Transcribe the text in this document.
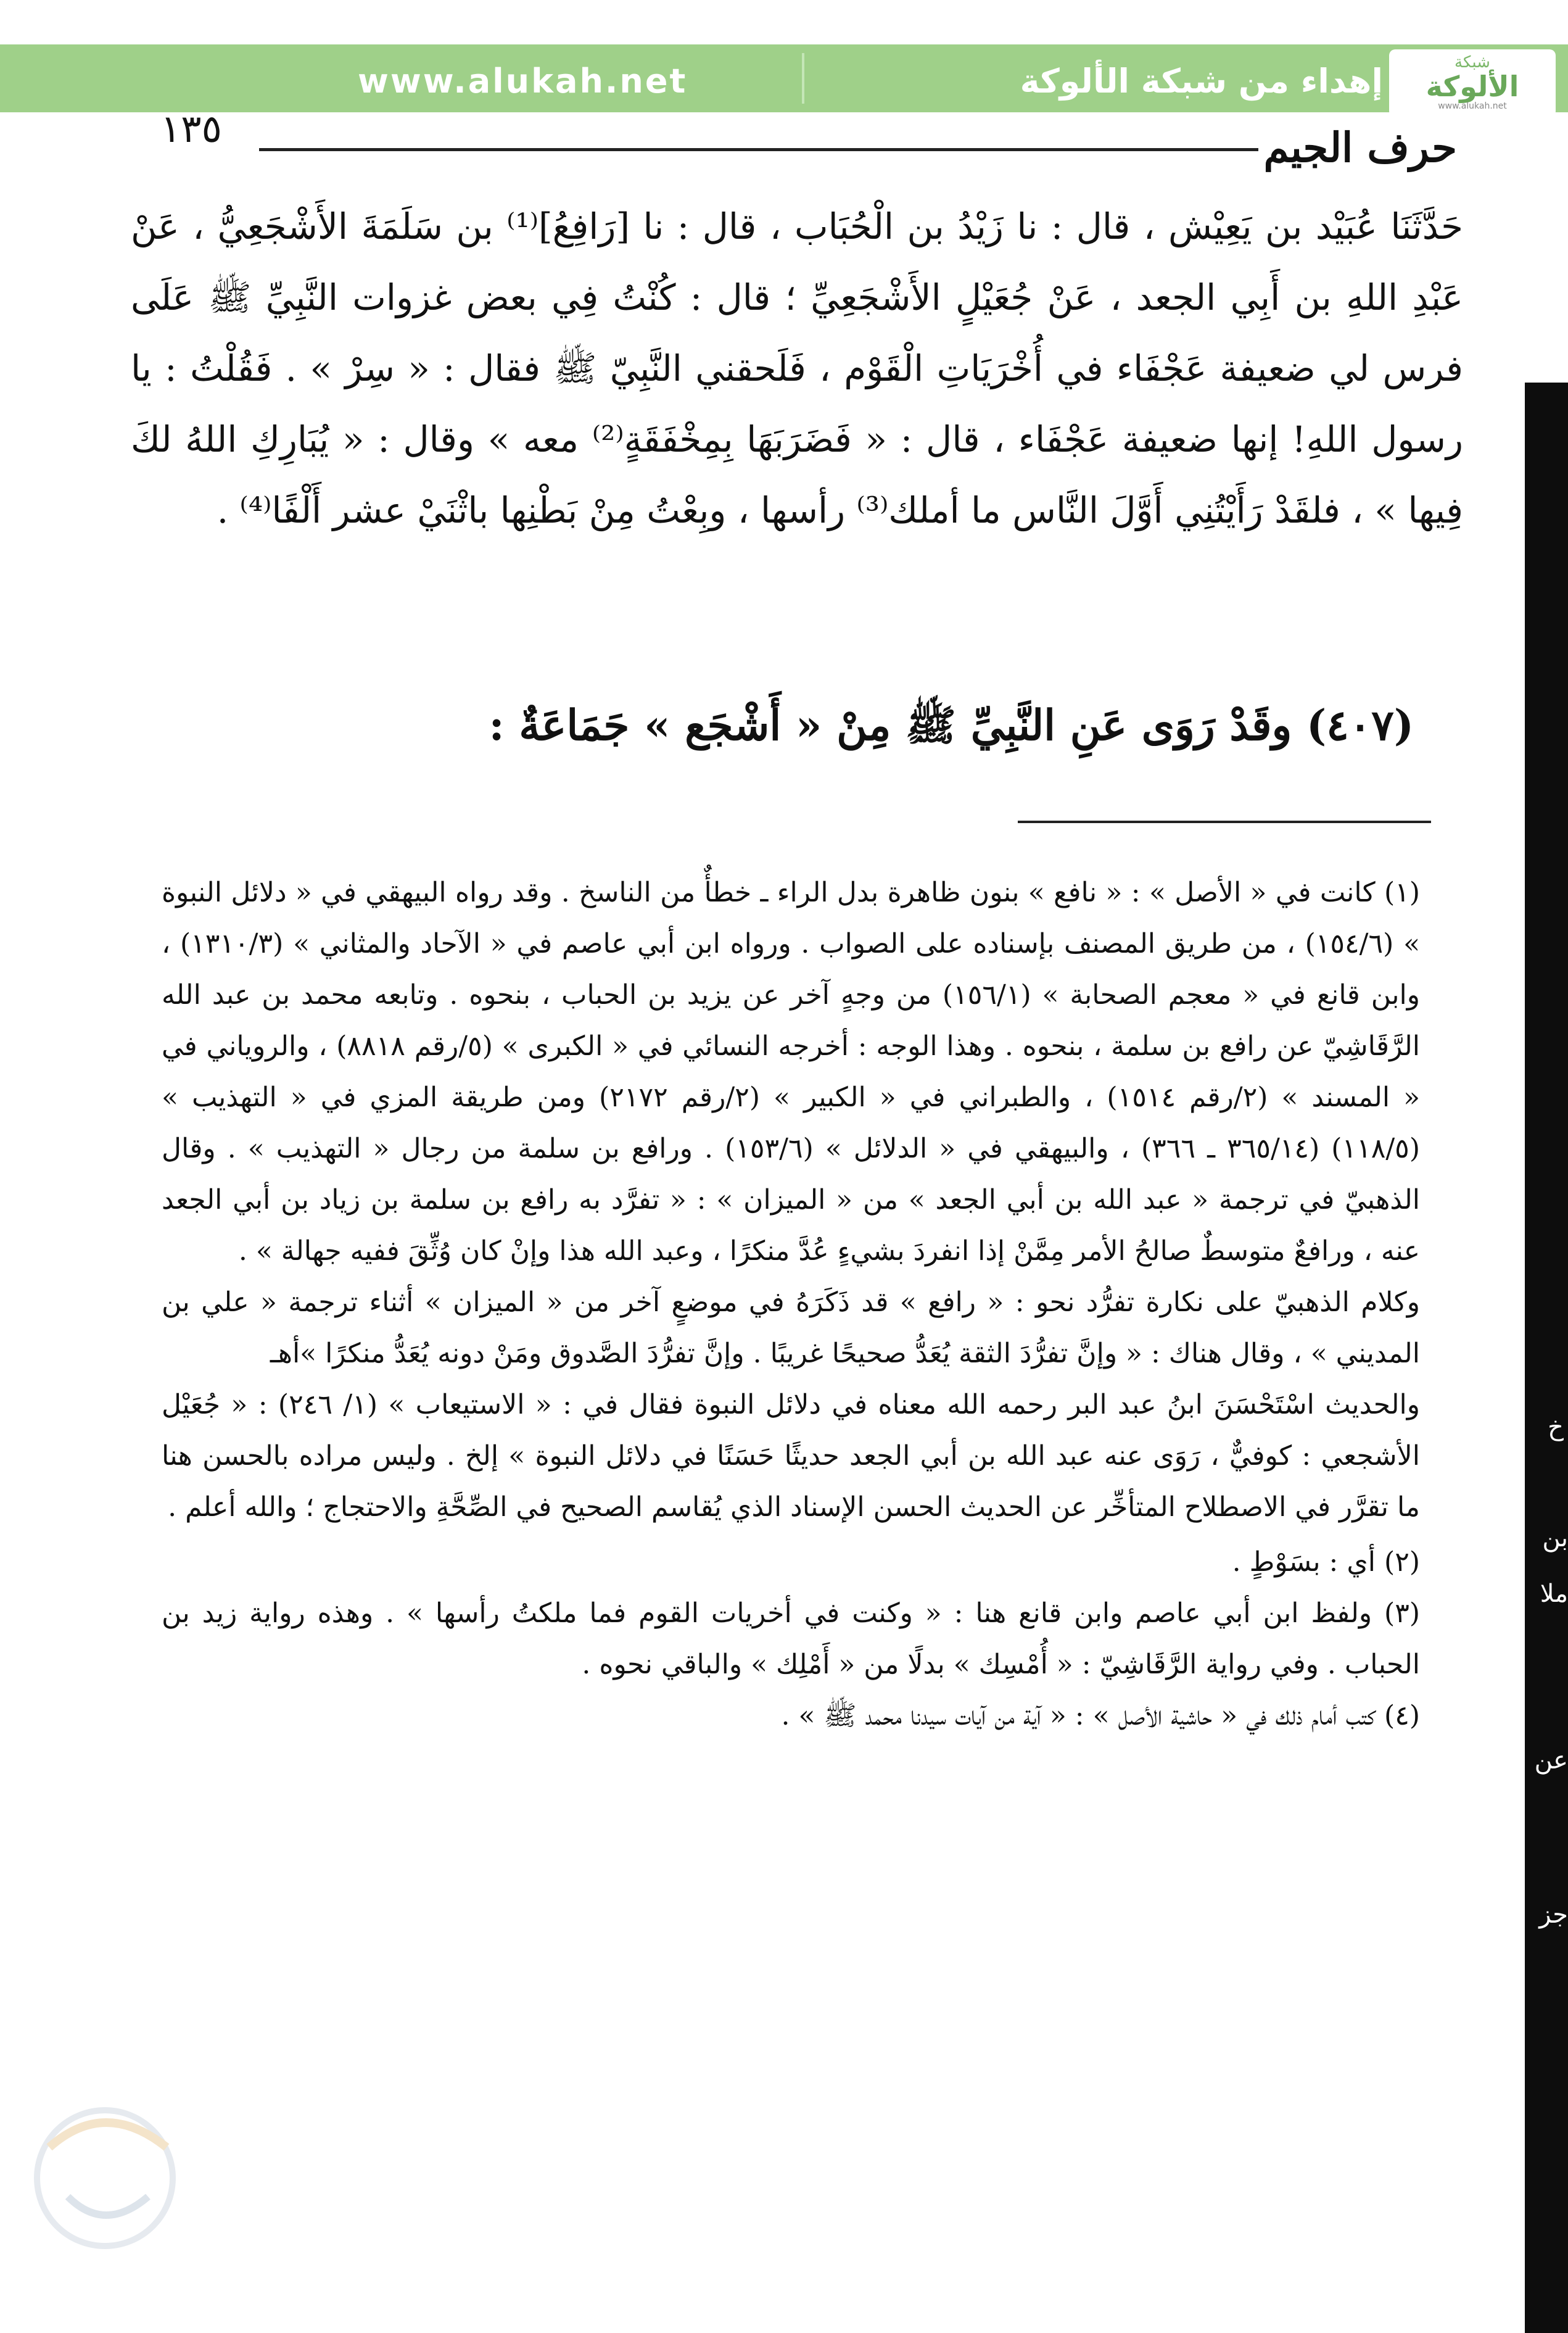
www.alukah.net	إهداء من شبكة الألوكة	شبكة
الألوكة
www.alukah.net
١٣٥	حرف الجيم

حَدَّثَنَا عُبَيْد بن يَعِيْش ، قال : نا زَيْدُ بن الْحُبَاب ، قال : نا [رَافِعُ]⁽¹⁾ بن سَلَمَةَ الأَشْجَعِيُّ ، عَنْ عَبْدِ اللهِ بن أَبِي الجعد ، عَنْ جُعَيْلٍ الأَشْجَعِيِّ ؛ قال : كُنْتُ فِي بعض غزوات النَّبِيِّ ﷺ عَلَى فرس لي ضعيفة عَجْفَاء في أُخْرَيَاتِ الْقَوْم ، فَلَحقني النَّبِيّ ﷺ فقال : « سِرْ » . فَقُلْتُ : يا رسول اللهِ! إنها ضعيفة عَجْفَاء ، قال : « فَضَرَبَهَا بِمِخْفَقَةٍ⁽²⁾ معه » وقال : « يُبَارِكِ اللهُ لكَ فِيها » ، فلقَدْ رَأَيْتُنِي أَوَّلَ النَّاس ما أملك⁽³⁾ رأسها ، وبِعْتُ مِنْ بَطْنِها باثْنَيْ عشر أَلْفًا⁽⁴⁾ .

(٤٠٧) وقَدْ رَوَى عَنِ النَّبِيِّ ﷺ مِنْ « أَشْجَع » جَمَاعَةٌ :

(١) كانت في « الأصل » : « نافع » بنون ظاهرة بدل الراء ـ خطأٌ من الناسخ . وقد رواه البيهقي في « دلائل النبوة » (١٥٤/٦) ، من طريق المصنف بإسناده على الصواب . ورواه ابن أبي عاصم في « الآحاد والمثاني » (١٣١٠/٣) ، وابن قانع في « معجم الصحابة » (١٥٦/١) من وجهٍ آخر عن يزيد بن الحباب ، بنحوه . وتابعه محمد بن عبد الله الرَّقَاشِيّ عن رافع بن سلمة ، بنحوه . وهذا الوجه : أخرجه النسائي في « الكبرى » (٥/رقم ٨٨١٨) ، والروياني في « المسند » (٢/رقم ١٥١٤) ، والطبراني في « الكبير » (٢/رقم ٢١٧٢) ومن طريقة المزي في « التهذيب » (١١٨/٥) (٣٦٥/١٤ ـ ٣٦٦) ، والبيهقي في « الدلائل » (١٥٣/٦) . ورافع بن سلمة من رجال « التهذيب » . وقال الذهبيّ في ترجمة « عبد الله بن أبي الجعد » من « الميزان » : « تفرَّد به رافع بن سلمة بن زياد بن أبي الجعد عنه ، ورافعٌ متوسطٌ صالحُ الأمر مِمَّنْ إذا انفردَ بشيءٍ عُدَّ منكرًا ، وعبد الله هذا وإنْ كان وُثِّقَ ففيه جهالة » .

وكلام الذهبيّ على نكارة تفرُّد نحو : « رافع » قد ذَكَرَهُ في موضعٍ آخر من « الميزان » أثناء ترجمة « علي بن المديني » ، وقال هناك : « وإنَّ تفرُّدَ الثقة يُعَدُّ صحيحًا غريبًا . وإنَّ تفرُّدَ الصَّدوق ومَنْ دونه يُعَدُّ منكرًا »أهـ

والحديث اسْتَحْسَنَ ابنُ عبد البر رحمه الله معناه في دلائل النبوة فقال في : « الاستيعاب » (١/ ٢٤٦) : « جُعَيْل الأشجعي : كوفيٌّ ، رَوَى عنه عبد الله بن أبي الجعد حديثًا حَسَنًا في دلائل النبوة » إلخ . وليس مراده بالحسن هنا ما تقرَّر في الاصطلاح المتأخِّر عن الحديث الحسن الإسناد الذي يُقاسم الصحيح في الصِّحَّةِ والاحتجاج ؛ والله أعلم .

(٢) أي : بسَوْطٍ .

(٣) ولفظ ابن أبي عاصم وابن قانع هنا : « وكنت في أخريات القوم فما ملكتُ رأسها » . وهذه رواية زيد بن الحباب . وفي رواية الرَّقَاشِيّ : « أُمْسِك » بدلًا من « أَمْلِك » والباقي نحوه .

(٤) كتب أمام ذلك في « حاشية الأصل » : « آية من آيات سيدنا محمد ﷺ » .

خ
بن
ملا
عن
جز
